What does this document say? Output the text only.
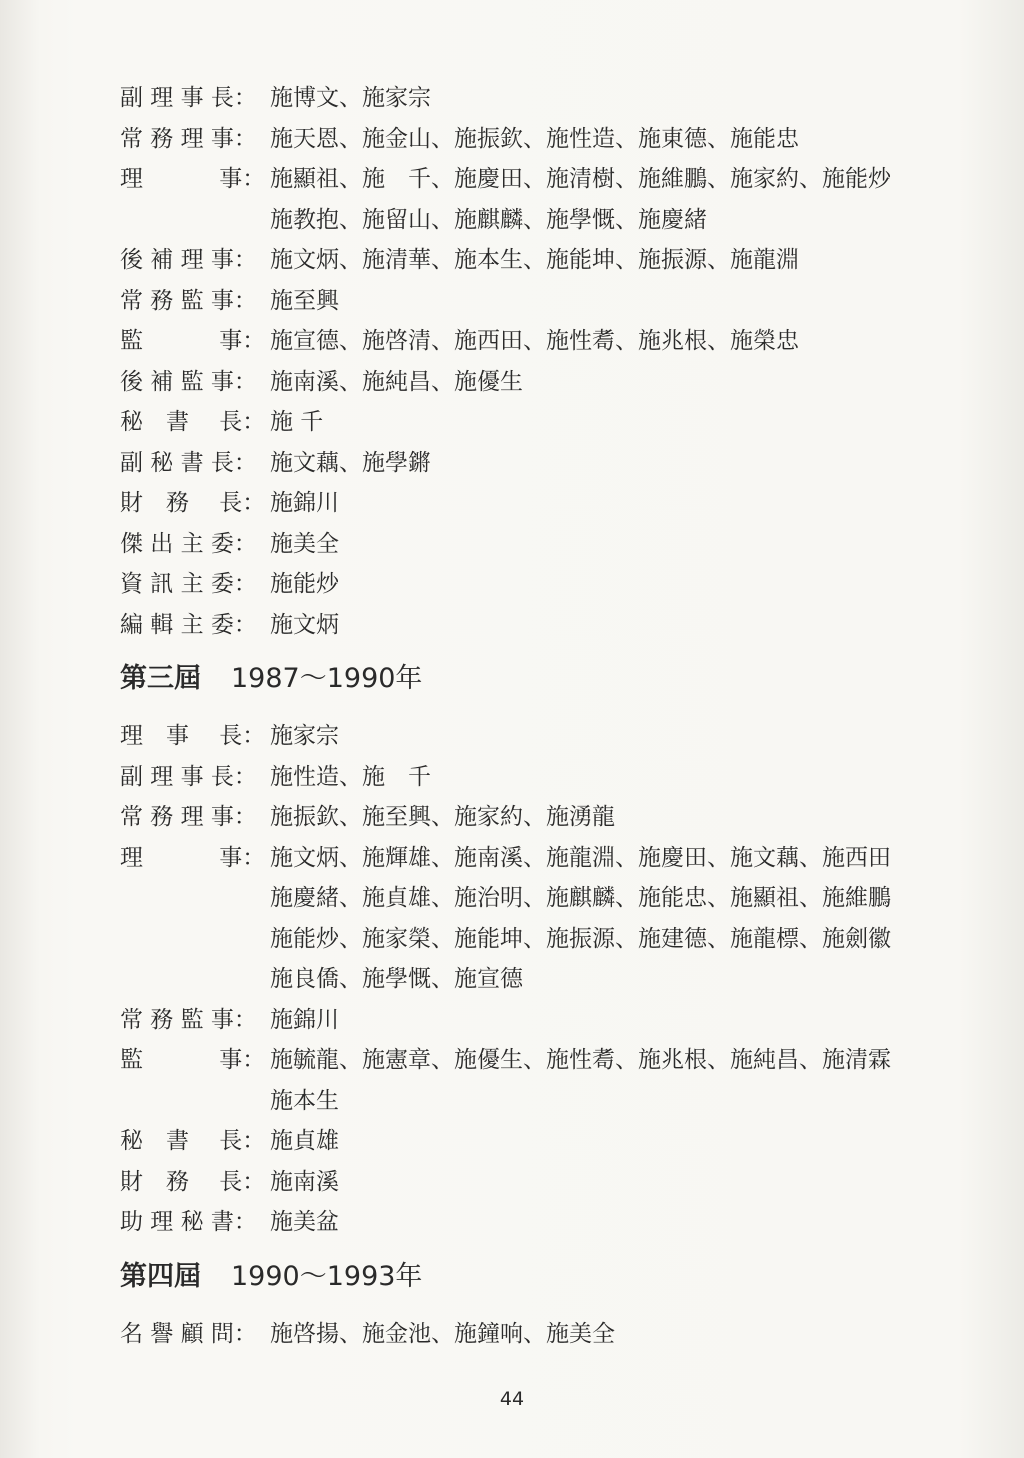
副 理 事 長： 施博文、施家宗
常 務 理 事： 施天恩、施金山、施振欽、施性造、施東德、施能忠
理　　　 事： 施顯祖、施　千、施慶田、施清樹、施維鵬、施家約、施能炒
施教抱、施留山、施麒麟、施學慨、施慶緒
後 補 理 事： 施文炳、施清華、施本生、施能坤、施振源、施龍淵
常 務 監 事： 施至興
監　　　 事： 施宣德、施啓清、施西田、施性耈、施兆根、施榮忠
後 補 監 事： 施南溪、施純昌、施優生
秘　書　 長： 施 千
副 秘 書 長： 施文藕、施學鏘
財　務　 長： 施錦川
傑 出 主 委： 施美全
資 訊 主 委： 施能炒
編 輯 主 委： 施文炳
第三屆 1987～1990年
理　事　 長： 施家宗
副 理 事 長： 施性造、施　千
常 務 理 事： 施振欽、施至興、施家約、施湧龍
理　　　 事： 施文炳、施輝雄、施南溪、施龍淵、施慶田、施文藕、施西田
施慶緒、施貞雄、施治明、施麒麟、施能忠、施顯祖、施維鵬
施能炒、施家榮、施能坤、施振源、施建德、施龍標、施劍徽
施良僑、施學慨、施宣德
常 務 監 事： 施錦川
監　　　 事： 施毓龍、施憲章、施優生、施性耈、施兆根、施純昌、施清霖
施本生
秘　書　 長： 施貞雄
財　務　 長： 施南溪
助 理 秘 書： 施美盆
第四屆 1990～1993年
名 譽 顧 問： 施啓揚、施金池、施鐘响、施美全
44
